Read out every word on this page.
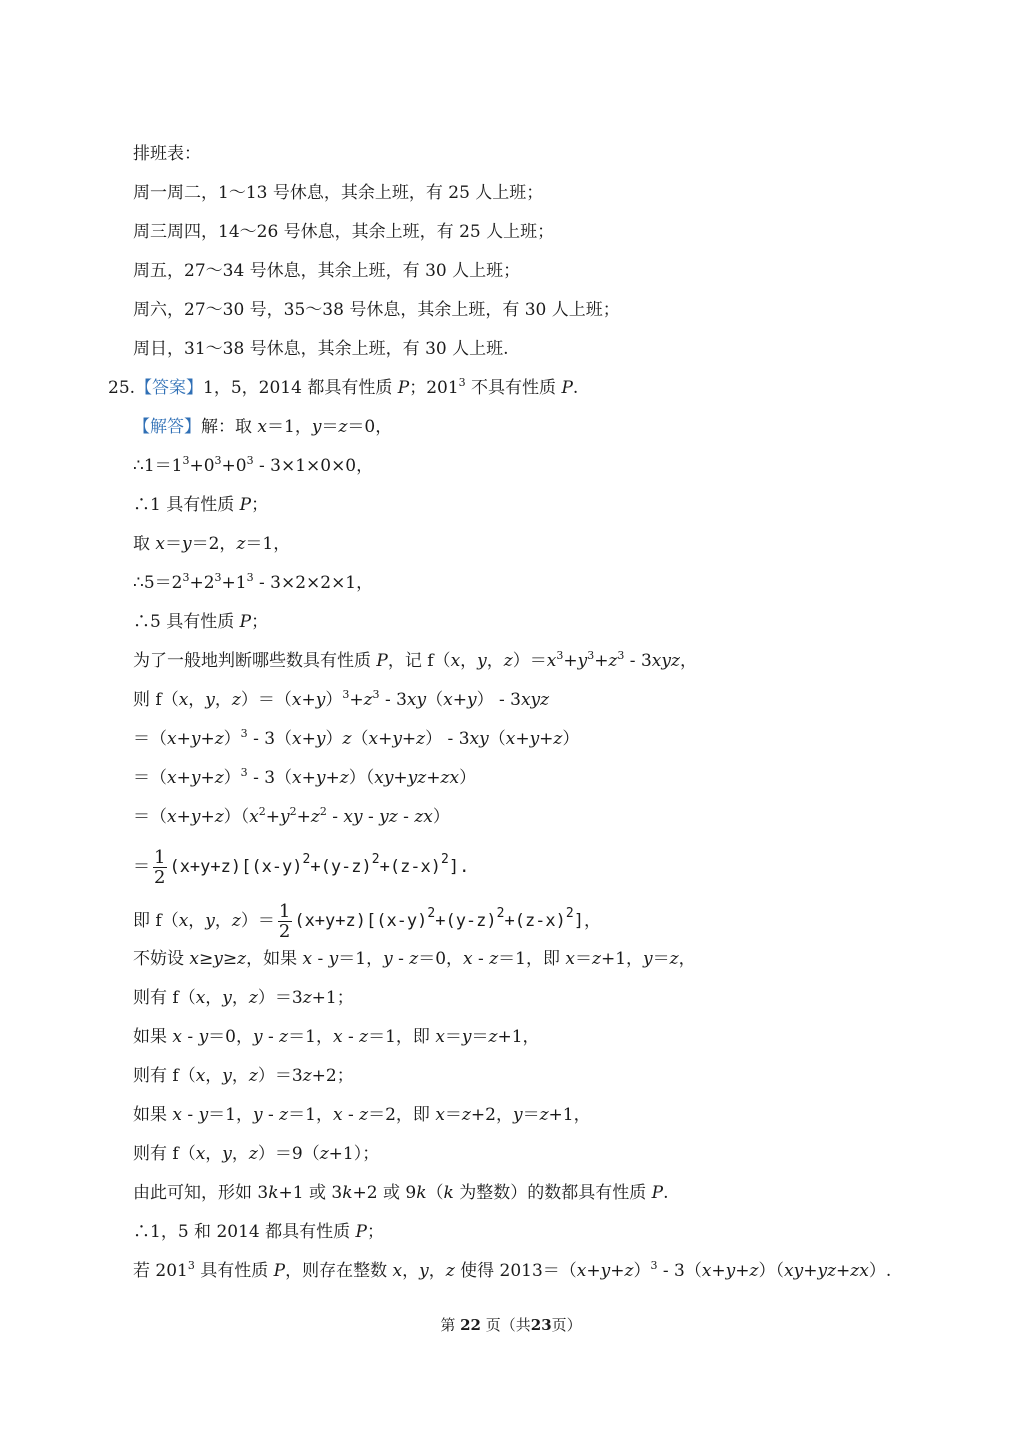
排班表：
周一周二，1～13 号休息，其余上班，有 25 人上班；
周三周四，14～26 号休息，其余上班，有 25 人上班；
周五，27～34 号休息，其余上班，有 30 人上班；
周六，27～30 号，35～38 号休息，其余上班，有 30 人上班；
周日，31～38 号休息，其余上班，有 30 人上班.
25.【答案】1，5，2014 都具有性质 P；$201^3$ 不具有性质 P.
【解答】解：取 x＝1，y＝z＝0，
$\therefore 1=1^3+0^3+0^3 - 3\times 1\times 0\times 0$，
∴1 具有性质 P；
取 x＝y＝2，z＝1，
$\therefore 5=2^3+2^3+1^3 - 3\times 2\times 2\times 1$，
∴5 具有性质 P；
为了一般地判断哪些数具有性质 P，记 f（x，y，$z)=x^3+y^3+z^3 - 3xyz$，
则 f（x，y，$z)=(x+y)^3+z^3 - 3xy(x+y) - 3xyz$
$=(x+y+z)^3 - 3(x+y)z(x+y+z) - 3xy(x+y+z)$
$=(x+y+z)^3 - 3(x+y+z)(xy+yz+zx)$
$=(x+y+z)(x^2+y^2+z^2$ - xy - yz - zx）
＝ $\frac{1}{2} (x+y+z)[(x-y)^2+(y-z)^2+(z-x)^2]$.
即 f（x，y，$z)= \frac{1}{2} (x+y+z)[(x-y)^2+(y-z)^2+(z-x)^2]$，
不妨设 x≥y≥z，如果 x - y＝1，y - z＝0，x - z＝1，即 x＝z+1，y＝z，
则有 f（x，y，z）＝3z+1；
如果 x - y＝0，y - z＝1，x - z＝1，即 x＝y＝z+1，
则有 f（x，y，z）＝3z+2；
如果 x - y＝1，y - z＝1，x - z＝2，即 x＝z+2，y＝z+1，
则有 f（x，y，z）＝9（z+1）；
由此可知，形如 3k+1 或 3k+2 或 9k（k 为整数）的数都具有性质 P.
∴1，5 和 2014 都具有性质 P；
若 $201^3$ 具有性质 P，则存在整数 x，y，z 使得 $2013=(x+y+z)^3 - 3(x+y+z)(xy+yz+zx)$.
第 22 页（共23页）
